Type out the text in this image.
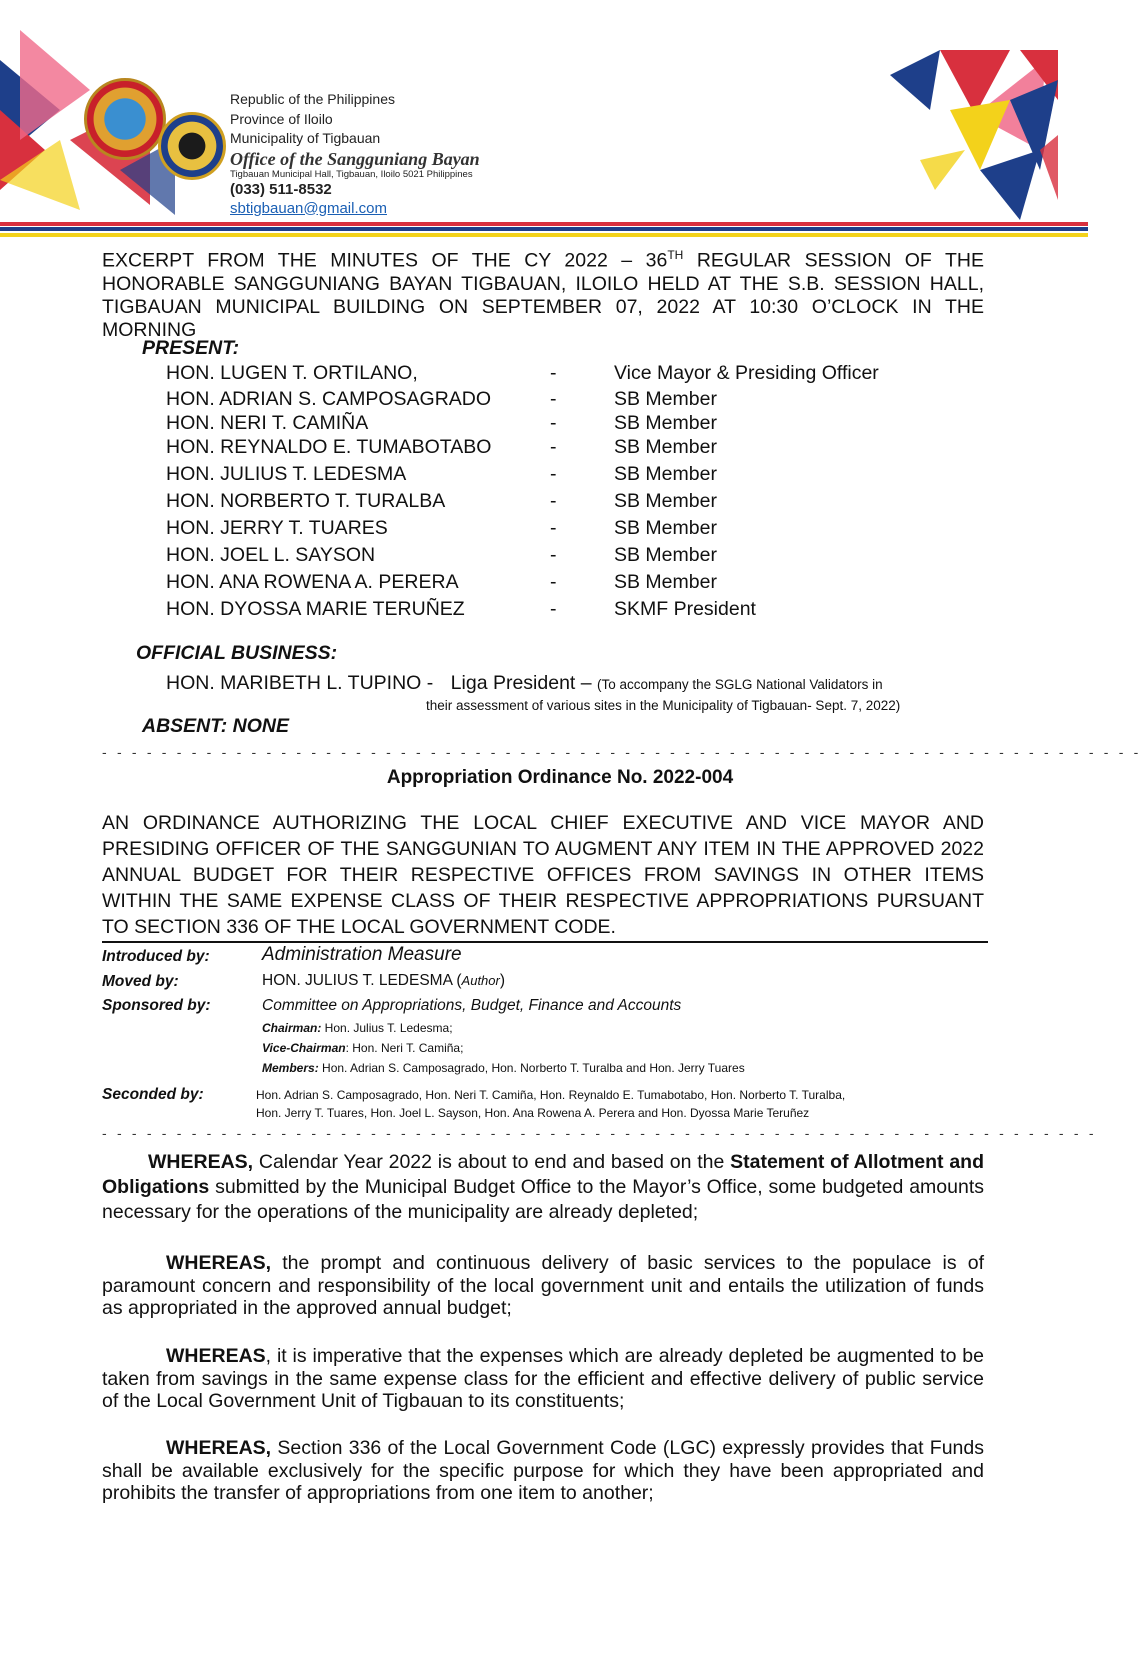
Republic of the Philippines
Province of Iloilo
Municipality of Tigbauan
Office of the Sangguniang Bayan
Tigbauan Municipal Hall, Tigbauan, Iloilo 5021 Philippines
(033) 511-8532
sbtigbauan@gmail.com
EXCERPT FROM THE MINUTES OF THE CY 2022 – 36TH REGULAR SESSION OF THE
HONORABLE SANGGUNIANG BAYAN TIGBAUAN, ILOILO HELD AT THE S.B. SESSION HALL,
TIGBAUAN MUNICIPAL BUILDING ON SEPTEMBER 07, 2022 AT 10:30 O’CLOCK IN THE
MORNING
PRESENT:
HON. LUGEN T. ORTILANO,	-	Vice Mayor & Presiding Officer
HON. ADRIAN S. CAMPOSAGRADO	-	SB Member
HON. NERI T. CAMIÑA	-	SB Member
HON. REYNALDO E. TUMABOTABO	-	SB Member
HON. JULIUS T. LEDESMA	-	SB Member
HON. NORBERTO T. TURALBA	-	SB Member
HON. JERRY T. TUARES	-	SB Member
HON. JOEL L. SAYSON	-	SB Member
HON. ANA ROWENA A. PERERA	-	SB Member
HON. DYOSSA MARIE TERUÑEZ	-	SKMF President
OFFICIAL BUSINESS:
HON. MARIBETH L. TUPINO - Liga President – (To accompany the SGLG National Validators in
their assessment of various sites in the Municipality of Tigbauan- Sept. 7, 2022)
ABSENT: NONE
- - - - - - - - - - - - - - - - - - - - - - - - - - - - - - - - - - - - - - - - - - - - - - - - - - - - - - - - - - - - - - - - - - - - - -
Appropriation Ordinance No. 2022-004
AN ORDINANCE AUTHORIZING THE LOCAL CHIEF EXECUTIVE AND VICE MAYOR AND
PRESIDING OFFICER OF THE SANGGUNIAN TO AUGMENT ANY ITEM IN THE APPROVED 2022
ANNUAL BUDGET FOR THEIR RESPECTIVE OFFICES FROM SAVINGS IN OTHER ITEMS
WITHIN THE SAME EXPENSE CLASS OF THEIR RESPECTIVE APPROPRIATIONS PURSUANT
TO SECTION 336 OF THE LOCAL GOVERNMENT CODE.
Introduced by:	Administration Measure
Moved by:	HON. JULIUS T. LEDESMA (Author)
Sponsored by:	Committee on Appropriations, Budget, Finance and Accounts
Chairman: Hon. Julius T. Ledesma;
Vice-Chairman: Hon. Neri T. Camiña;
Members: Hon. Adrian S. Camposagrado, Hon. Norberto T. Turalba and Hon. Jerry Tuares
Seconded by:	Hon. Adrian S. Camposagrado, Hon. Neri T. Camiña, Hon. Reynaldo E. Tumabotabo, Hon. Norberto T. Turalba,
Hon. Jerry T. Tuares, Hon. Joel L. Sayson, Hon. Ana Rowena A. Perera and Hon. Dyossa Marie Teruñez
- - - - - - - - - - - - - - - - - - - - - - - - - - - - - - - - - - - - - - - - - - - - - - - - - - - - - - - - - - - - - - - - - - -
WHEREAS, Calendar Year 2022 is about to end and based on the Statement of Allotment and Obligations submitted by the Municipal Budget Office to the Mayor’s Office, some budgeted amounts necessary for the operations of the municipality are already depleted;
WHEREAS, the prompt and continuous delivery of basic services to the populace is of paramount concern and responsibility of the local government unit and entails the utilization of funds as appropriated in the approved annual budget;
WHEREAS, it is imperative that the expenses which are already depleted be augmented to be taken from savings in the same expense class for the efficient and effective delivery of public service of the Local Government Unit of Tigbauan to its constituents;
WHEREAS, Section 336 of the Local Government Code (LGC) expressly provides that Funds shall be available exclusively for the specific purpose for which they have been appropriated and prohibits the transfer of appropriations from one item to another;
